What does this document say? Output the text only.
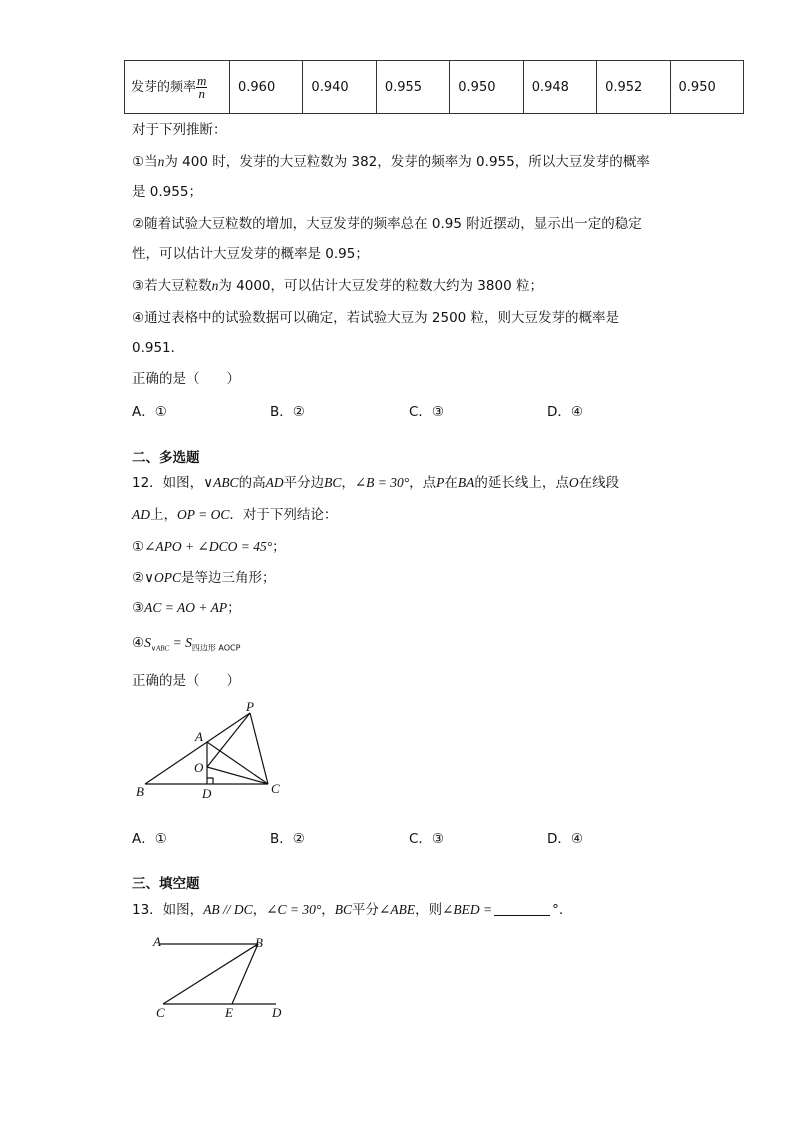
发芽的频率 $\frac{m}{n}$	0.960	0.940	0.955	0.950	0.948	0.952	0.950
对于下列推断：
①当n为 400 时，发芽的大豆粒数为 382，发芽的频率为 0.955，所以大豆发芽的概率
是 0.955；
②随着试验大豆粒数的增加，大豆发芽的频率总在 0.95 附近摆动，显示出一定的稳定
性，可以估计大豆发芽的概率是 0.95；
③若大豆粒数n为 4000，可以估计大豆发芽的粒数大约为 3800 粒；
④通过表格中的试验数据可以确定，若试验大豆为 2500 粒，则大豆发芽的概率是
0.951．
正确的是（　　）
A．①	B．②	C．③	D．④
二、多选题
12．如图，∨ABC的高AD平分边BC，∠B = 30°，点P在BA的延长线上，点O在线段
AD上，OP = OC．对于下列结论：
①∠APO + ∠DCO = 45°；
②∨OPC是等边三角形；
③AC = AO + AP；
$④S_{\vee ABC} = S_{四边形 AOCP}$
正确的是（　　）
A
P
O
B	D	C
A．①	B．②	C．③	D．④
三、填空题
13．如图，AB // DC，∠C = 30°，BC平分∠ABE，则∠BED =	°.
A	B
C	E	D
